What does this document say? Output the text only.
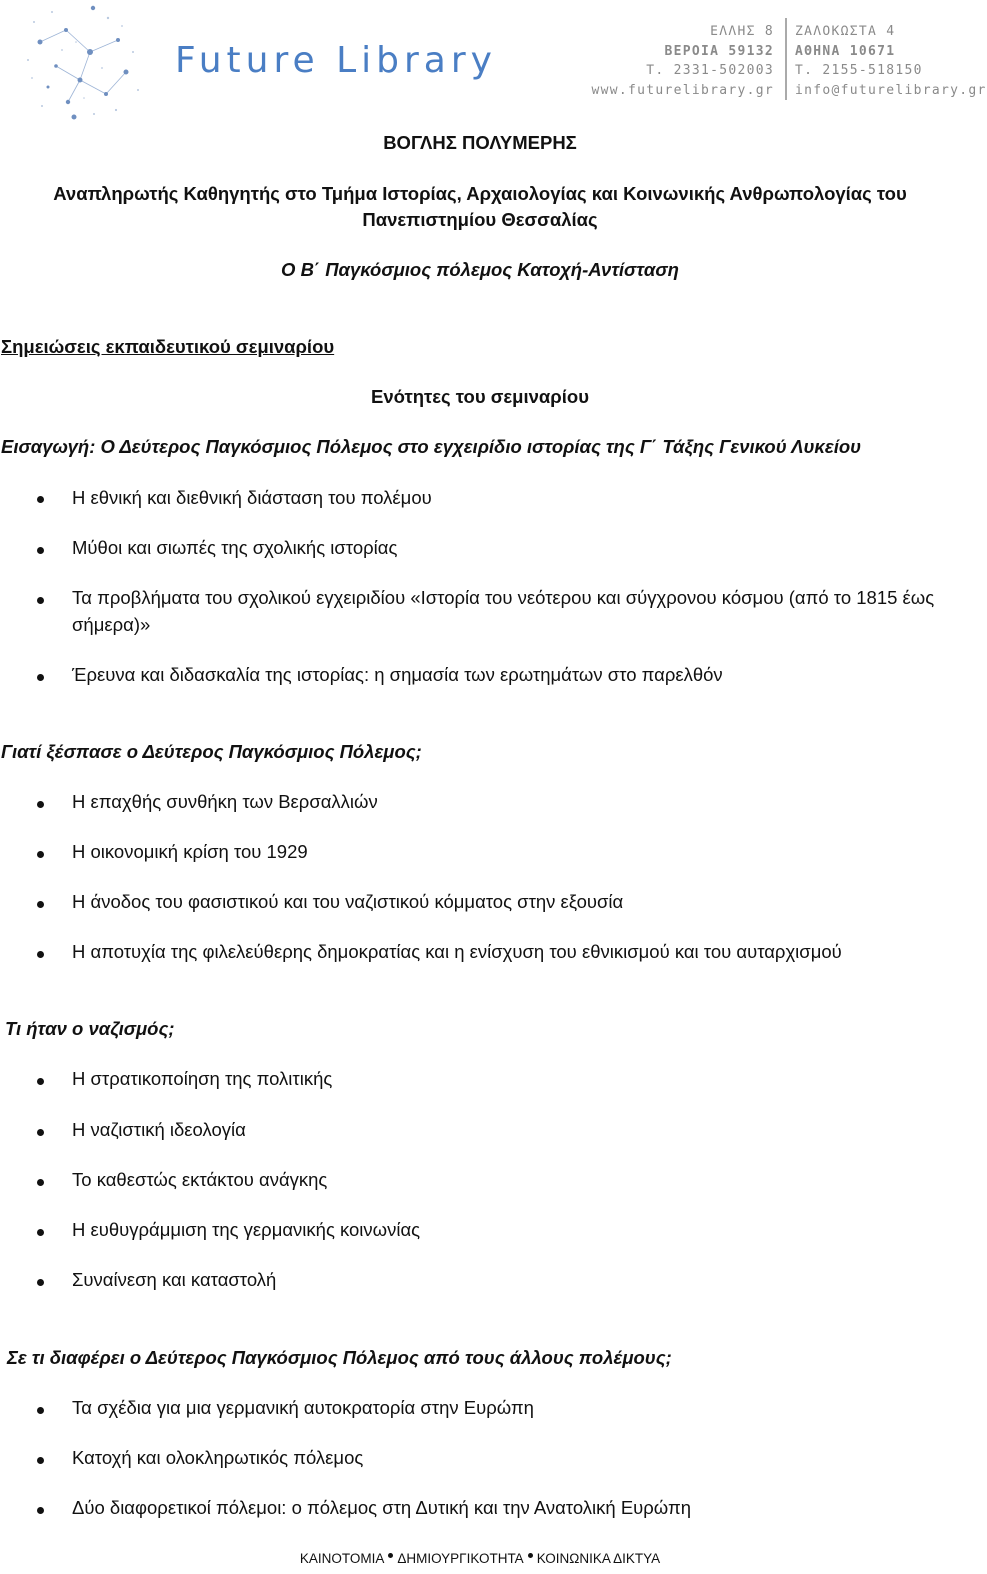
Future Library
ΕΛΛΗΣ 8
ΒΕΡΟΙΑ 59132
Τ. 2331-502003
www.futurelibrary.gr
ΖΑΛΟΚΩΣΤΑ 4
ΑΘΗΝΑ 10671
Τ. 2155-518150
info@futurelibrary.gr
ΒΟΓΛΗΣ ΠΟΛΥΜΕΡΗΣ
Αναπληρωτής Καθηγητής στο Τμήμα Ιστορίας, Αρχαιολογίας και Κοινωνικής Ανθρωπολογίας του
Πανεπιστημίου Θεσσαλίας
Ο Β΄ Παγκόσμιος πόλεμος Κατοχή-Αντίσταση
Σημειώσεις εκπαιδευτικού σεμιναρίου
Ενότητες του σεμιναρίου
Εισαγωγή: Ο Δεύτερος Παγκόσμιος Πόλεμος στο εγχειρίδιο ιστορίας της Γ΄ Τάξης Γενικού Λυκείου
Η εθνική και διεθνική διάσταση του πολέμου
Μύθοι και σιωπές της σχολικής ιστορίας
Τα προβλήματα του σχολικού εγχειριδίου «Ιστορία του νεότερου και σύγχρονου κόσμου (από το 1815 έως σήμερα)»
Έρευνα και διδασκαλία της ιστορίας: η σημασία των ερωτημάτων στο παρελθόν
Γιατί ξέσπασε ο Δεύτερος Παγκόσμιος Πόλεμος;
Η επαχθής συνθήκη των Βερσαλλιών
Η οικονομική κρίση του 1929
Η άνοδος του φασιστικού και του ναζιστικού κόμματος στην εξουσία
Η αποτυχία της φιλελεύθερης δημοκρατίας και η ενίσχυση του εθνικισμού και του αυταρχισμού
Τι ήταν ο ναζισμός;
Η στρατικοποίηση της πολιτικής
Η ναζιστική ιδεολογία
Το καθεστώς εκτάκτου ανάγκης
Η ευθυγράμμιση της γερμανικής κοινωνίας
Συναίνεση και καταστολή
Σε τι διαφέρει ο Δεύτερος Παγκόσμιος Πόλεμος από τους άλλους πολέμους;
Τα σχέδια για μια γερμανική αυτοκρατορία στην Ευρώπη
Κατοχή και ολοκληρωτικός πόλεμος
Δύο διαφορετικοί πόλεμοι: ο πόλεμος στη Δυτική και την Ανατολική Ευρώπη
ΚΑΙΝΟΤΟΜΙΑ ΔΗΜΙΟΥΡΓΙΚΟΤΗΤΑ ΚΟΙΝΩΝΙΚΑ ΔΙΚΤΥΑ
